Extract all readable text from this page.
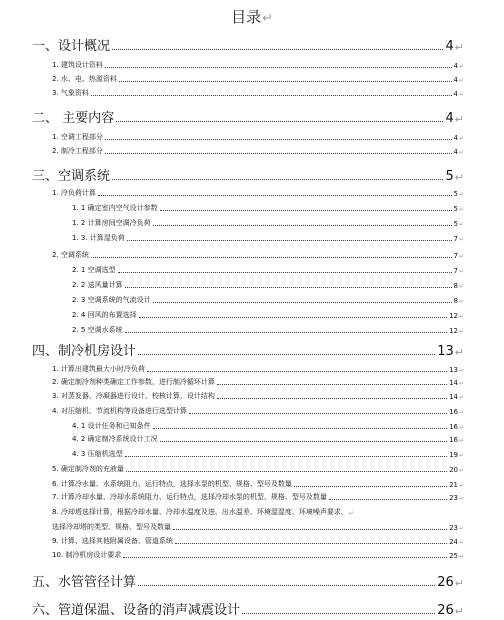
目录↵
一、设计概况	4 ↵
1. 建筑设计资料	4 ↵
2. 水、电、热源资料	4 ↵
3. 气象资料	4 ↵
二、 主要内容	4 ↵
1. 空调工程部分	4 ↵
2. 制冷工程部分	4 ↵
三、空调系统	5 ↵
1. 冷负荷计算	5 ↵
1. 1 确定室内空气设计参数	5 ↵
1. 2 计算房间空调冷负荷	5 ↵
1. 3. 计算湿负荷	7 ↵
2. 空调系统	7 ↵
2. 1 空调选型	7 ↵
2. 2 送风量计算	8 ↵
2. 3 空调系统的气流设计	8 ↵
2. 4 回风的布置选择	12 ↵
2. 5 空调水系统	12 ↵
四、制冷机房设计	13 ↵
1. 计算出建筑最大小时冷负荷	13 ↵
2. 确定制冷剂种类确定工作参数，进行制冷循环计算	14 ↵
3. 对蒸发器、冷凝器进行设计、校核计算，设计结构	14 ↵
4. 对压缩机、节流机构等设备进行选型计算	16 ↵
4. 1 设计任务和已知条件	16 ↵
4. 2 确定制冷系统设计工况	16 ↵
4. 3 压缩机选型	19 ↵
5. 确定制冷剂的充液量	20 ↵
6. 计算冷水量、水系统阻力、运行特点，选择水泵的机型、规格、型号及数量	21 ↵
7. 计算冷却水量、冷却水系统阻力、运行特点，选择冷却水泵的机型、规格、型号及数量	23 ↵
8. 冷却塔选择计算，根据冷却水量、冷却水温度及进、出水温差、环境湿湿度、环境噪声要求， ↵
选择冷却塔的类型、规格、型号及数量	23 ↵
9. 计算、选择其他附属设备、管道系统	24 ↵
10. 制冷机房设计要求	25 ↵
五、水管管径计算	26 ↵
六、管道保温、设备的消声减震设计	26 ↵
